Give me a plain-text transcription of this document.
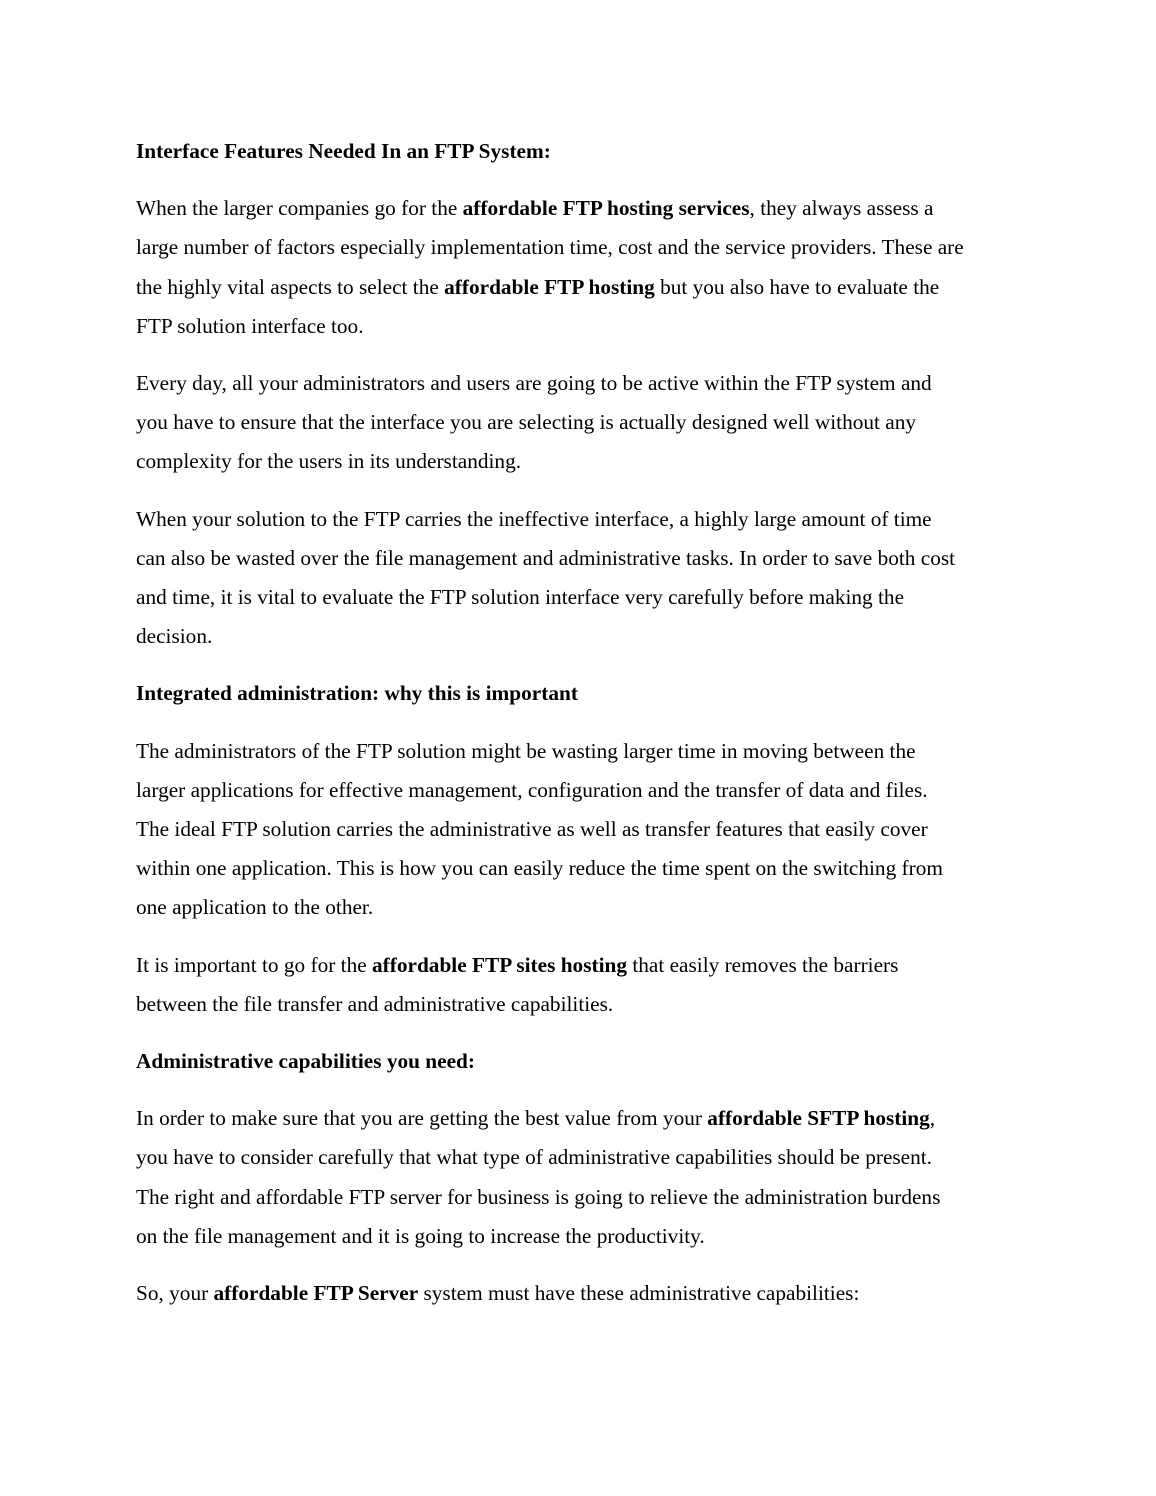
Interface Features Needed In an FTP System:

When the larger companies go for the affordable FTP hosting services, they always assess a
large number of factors especially implementation time, cost and the service providers. These are
the highly vital aspects to select the affordable FTP hosting but you also have to evaluate the
FTP solution interface too.

Every day, all your administrators and users are going to be active within the FTP system and
you have to ensure that the interface you are selecting is actually designed well without any
complexity for the users in its understanding.

When your solution to the FTP carries the ineffective interface, a highly large amount of time
can also be wasted over the file management and administrative tasks. In order to save both cost
and time, it is vital to evaluate the FTP solution interface very carefully before making the
decision.

Integrated administration: why this is important

The administrators of the FTP solution might be wasting larger time in moving between the
larger applications for effective management, configuration and the transfer of data and files.
The ideal FTP solution carries the administrative as well as transfer features that easily cover
within one application. This is how you can easily reduce the time spent on the switching from
one application to the other.

It is important to go for the affordable FTP sites hosting that easily removes the barriers
between the file transfer and administrative capabilities.

Administrative capabilities you need:

In order to make sure that you are getting the best value from your affordable SFTP hosting,
you have to consider carefully that what type of administrative capabilities should be present.
The right and affordable FTP server for business is going to relieve the administration burdens
on the file management and it is going to increase the productivity.

So, your affordable FTP Server system must have these administrative capabilities:
